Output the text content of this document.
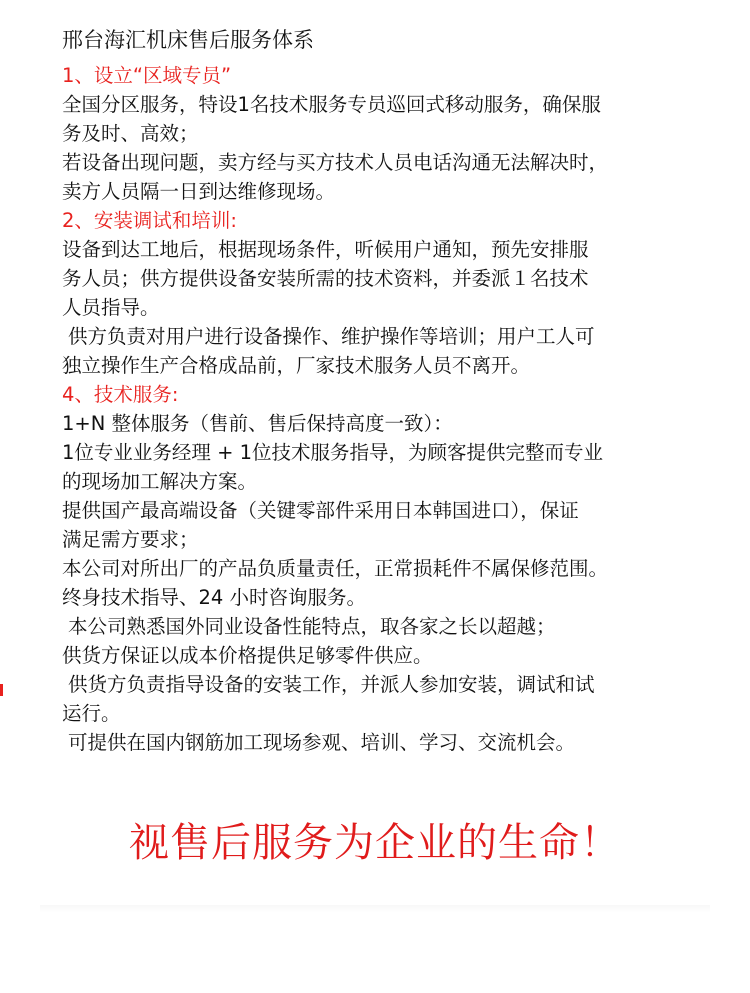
邢台海汇机床售后服务体系
1、设立“区域专员”
全国分区服务，特设1名技术服务专员巡回式移动服务，确保服
务及时、高效；
若设备出现问题，卖方经与买方技术人员电话沟通无法解决时，
卖方人员隔一日到达维修现场。
2、安装调试和培训:
设备到达工地后，根据现场条件，听候用户通知，预先安排服
务人员；供方提供设备安装所需的技术资料，并委派１名技术
人员指导。
供方负责对用户进行设备操作、维护操作等培训；用户工人可
独立操作生产合格成品前，厂家技术服务人员不离开。
4、技术服务:
1+N 整体服务（售前、售后保持高度一致）：
1位专业业务经理 + 1位技术服务指导，为顾客提供完整而专业
的现场加工解决方案。
提供国产最高端设备（关键零部件采用日本韩国进口），保证
满足需方要求；
本公司对所出厂的产品负质量责任，正常损耗件不属保修范围。
终身技术指导、24 小时咨询服务。
本公司熟悉国外同业设备性能特点，取各家之长以超越；
供货方保证以成本价格提供足够零件供应。
供货方负责指导设备的安装工作，并派人参加安装，调试和试
运行。
可提供在国内钢筋加工现场参观、培训、学习、交流机会。
视售后服务为企业的生命！
